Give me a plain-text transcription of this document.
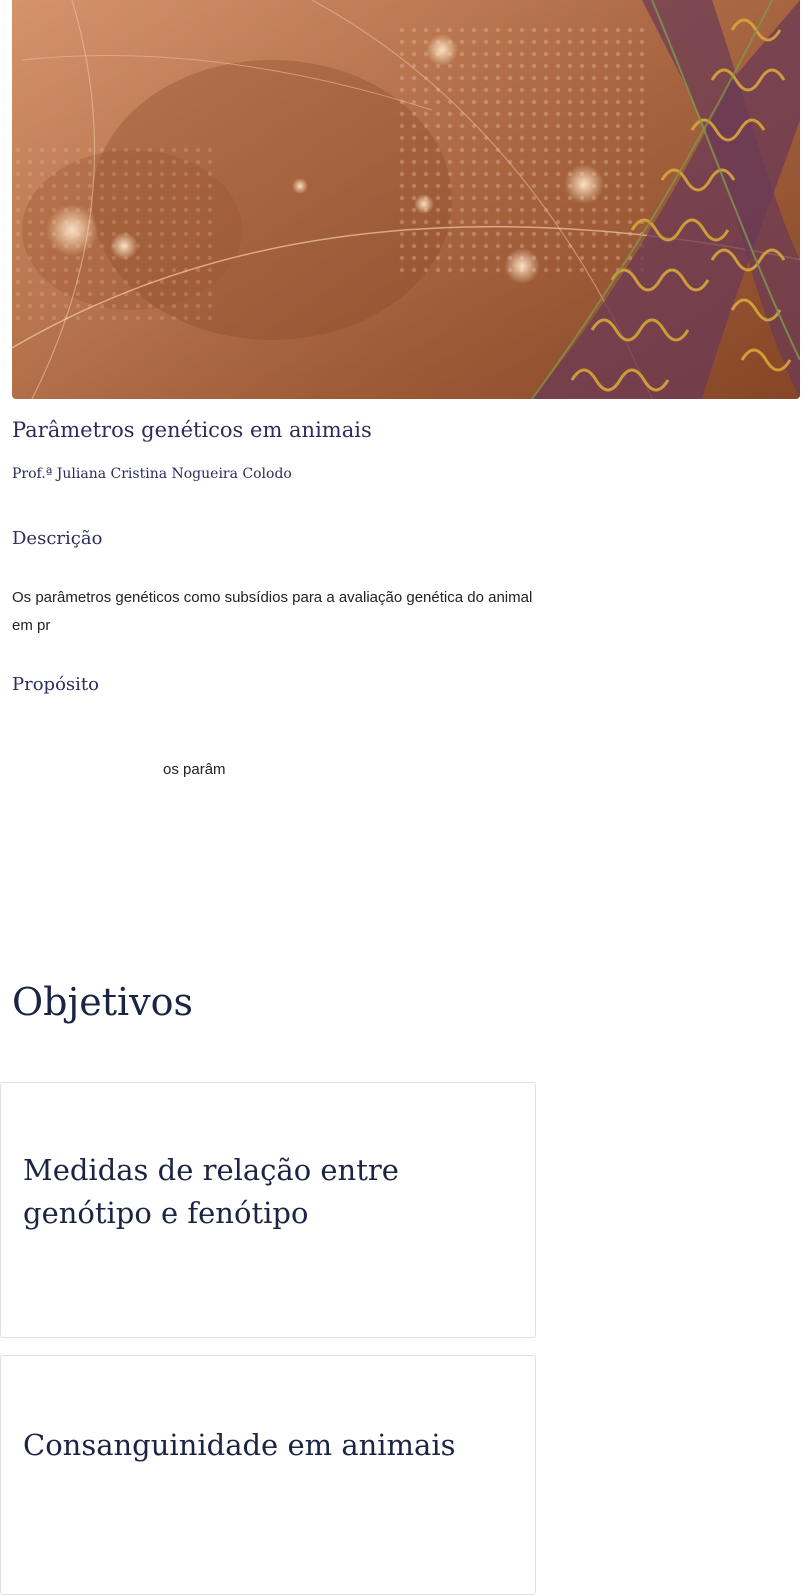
Parâmetros genéticos em animais

Prof.ª Juliana Cristina Nogueira Colodo

Descrição

Os parâmetros genéticos como subsídios para a avaliação genética do animal em pr

Propósito

os parâm

Objetivos
Medidas de relação entre genótipo e fenótipo
Consanguinidade em animais
